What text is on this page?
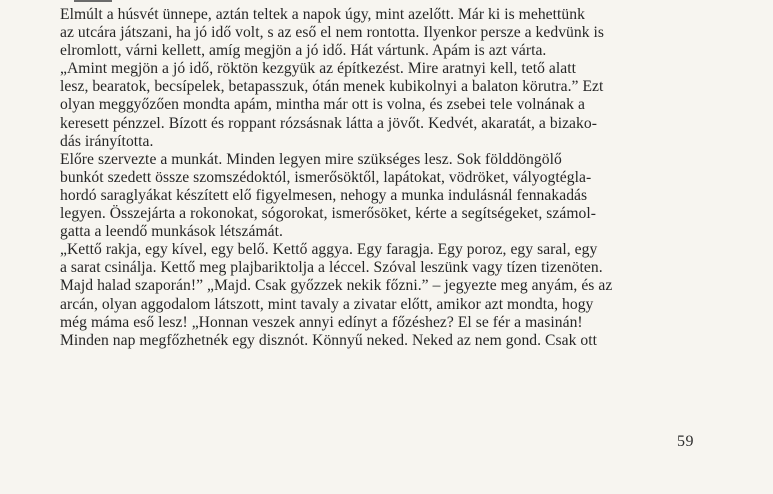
Elmúlt a húsvét ünnepe, aztán teltek a napok úgy, mint azelőtt. Már ki is mehettünk
az utcára játszani, ha jó idő volt, s az eső el nem rontotta. Ilyenkor persze a kedvünk is
elromlott, várni kellett, amíg megjön a jó idő. Hát vártunk. Apám is azt várta.

„Amint megjön a jó idő, röktön kezgyük az építkezést. Mire aratnyi kell, tető alatt
lesz, bearatok, becsípelek, betapasszuk, ótán menek kubikolnyi a balaton körutra.” Ezt
olyan meggyőzően mondta apám, mintha már ott is volna, és zsebei tele volnának a
keresett pénzzel. Bízott és roppant rózsásnak látta a jövőt. Kedvét, akaratát, a bizako-
dás irányította.

Előre szervezte a munkát. Minden legyen mire szükséges lesz. Sok földdöngölő
bunkót szedett össze szomszédoktól, ismerősöktől, lapátokat, vödröket, vályogtégla-
hordó saraglyákat készített elő figyelmesen, nehogy a munka indulásnál fennakadás
legyen. Összejárta a rokonokat, sógorokat, ismerősöket, kérte a segítségeket, számol-
gatta a leendő munkások létszámát.

„Kettő rakja, egy kível, egy belő. Kettő aggya. Egy faragja. Egy poroz, egy saral, egy
a sarat csinálja. Kettő meg plajbariktolja a léccel. Szóval leszünk vagy tízen tizenöten.
Majd halad szaporán!” „Majd. Csak győzzek nekik főzni.” – jegyezte meg anyám, és az
arcán, olyan aggodalom látszott, mint tavaly a zivatar előtt, amikor azt mondta, hogy
még máma eső lesz! „Honnan veszek annyi edínyt a főzéshez? El se fér a masinán!
Minden nap megfőzhetnék egy disznót. Könnyű neked. Neked az nem gond. Csak ott

59
